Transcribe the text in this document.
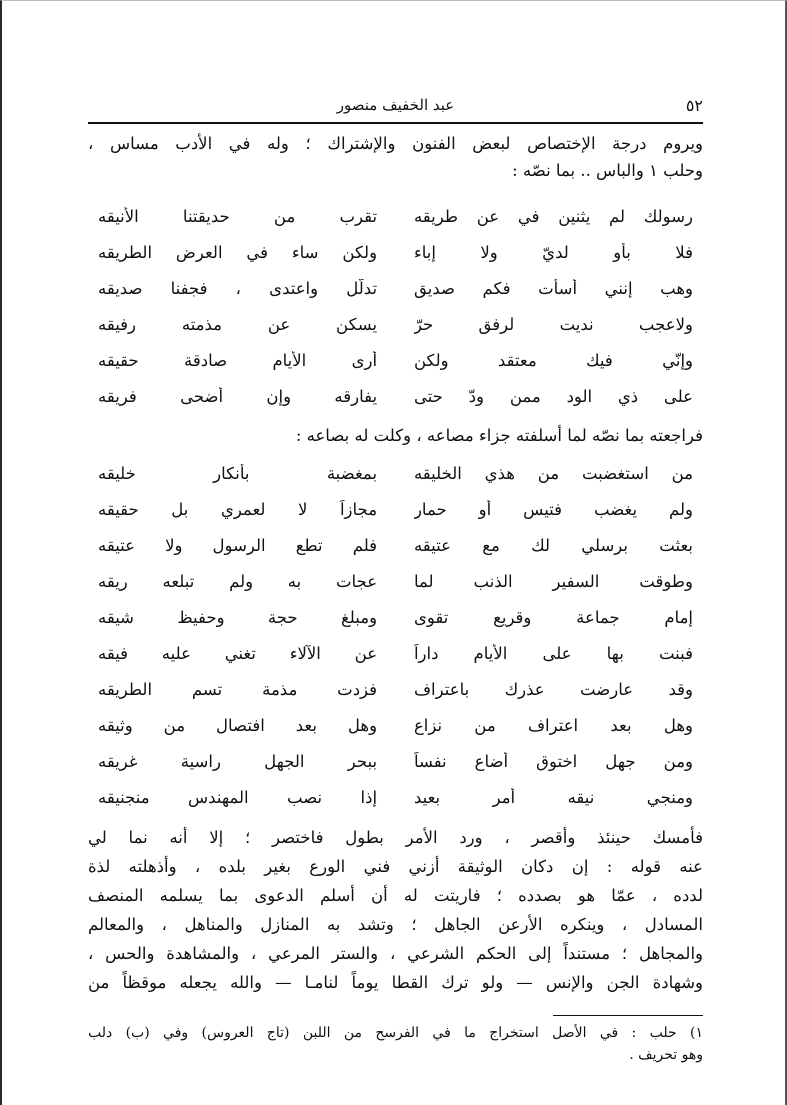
٥٢
عبد الخفيف منصور
ويروم درجة الإختصاص لبعض الفنون والإشتراك ؛ وله في الأدب مساس ،
وحلب ١ والباس .. بما نصّه :
رسولك لم يثنين في عن طريقه
تقرب من حديقتنا الأنيقه
فلا بأو لديّ ولا إباء
ولكن ساء في العرض الطريقه
وهب إنني أسأت فكم صديق
تدلّل واعتدى ، فجفنا صديقه
ولاعجب نديت لرفق حرّ
يسكن عن مذمته رفيقه
وإنّي فيك معتقد ولكن
أرى الأيام صادقة حقيقه
على ذي الود ممن ودّ حتى
يفارقه وإن أضحى فريقه
فراجعته بما نصّه لما أسلفته جزاء مصاعه ، وكلت له بصاعه :
من استغضبت من هذي الخليقه
بمغضبة بأنكار خليقه
ولم يغضب فتيس أو حمار
مجازاً لا لعمري بل حقيقه
بعثت برسلي لك مع عتيقه
فلم تطع الرسول ولا عتيقه
وطوقت السفير الذنب لما
عجات به ولم تبلعه ريقه
إمام جماعة وقريع تقوى
ومبلغ حجة وحفيظ شيقه
فبنت بها على الأيام داراً
عن الآلاء تغني عليه فيقه
وقد عارضت عذرك باعتراف
فزدت مذمة تسم الطريقه
وهل بعد اعتراف من نزاع
وهل بعد افتصال من وثيقه
ومن جهل اختوق أضاع نفساً
ببحر الجهل راسية غريقه
ومنجي نيقه أمر بعيد
إذا نصب المهندس منجنيقه
فأمسك حينئذ وأقصر ، ورد الأمر بطول فاختصر ؛ إلا أنه نما لي
عنه قوله : إن دكان الوثيقة أزني فني الورع بغير بلده ، وأذهلته لذة
لدده ، عمّا هو بصدده ؛ فاريتت له أن أسلم الدعوى بما يسلمه المنصف
المسادل ، وينكره الأرعن الجاهل ؛ وتشد به المنازل والمناهل ، والمعالم
والمجاهل ؛ مستنداً إلى الحكم الشرعي ، والستر المرعي ، والمشاهدة والحس ،
وشهادة الجن والإنس — ولو ترك القطا يوماً لنامـا — والله يجعله موقظاً من
١) حلب : في الأصل استخراج ما في الفرسح من اللبن (تاج العروس) وفي (ب) دلب
وهو تحريف .
